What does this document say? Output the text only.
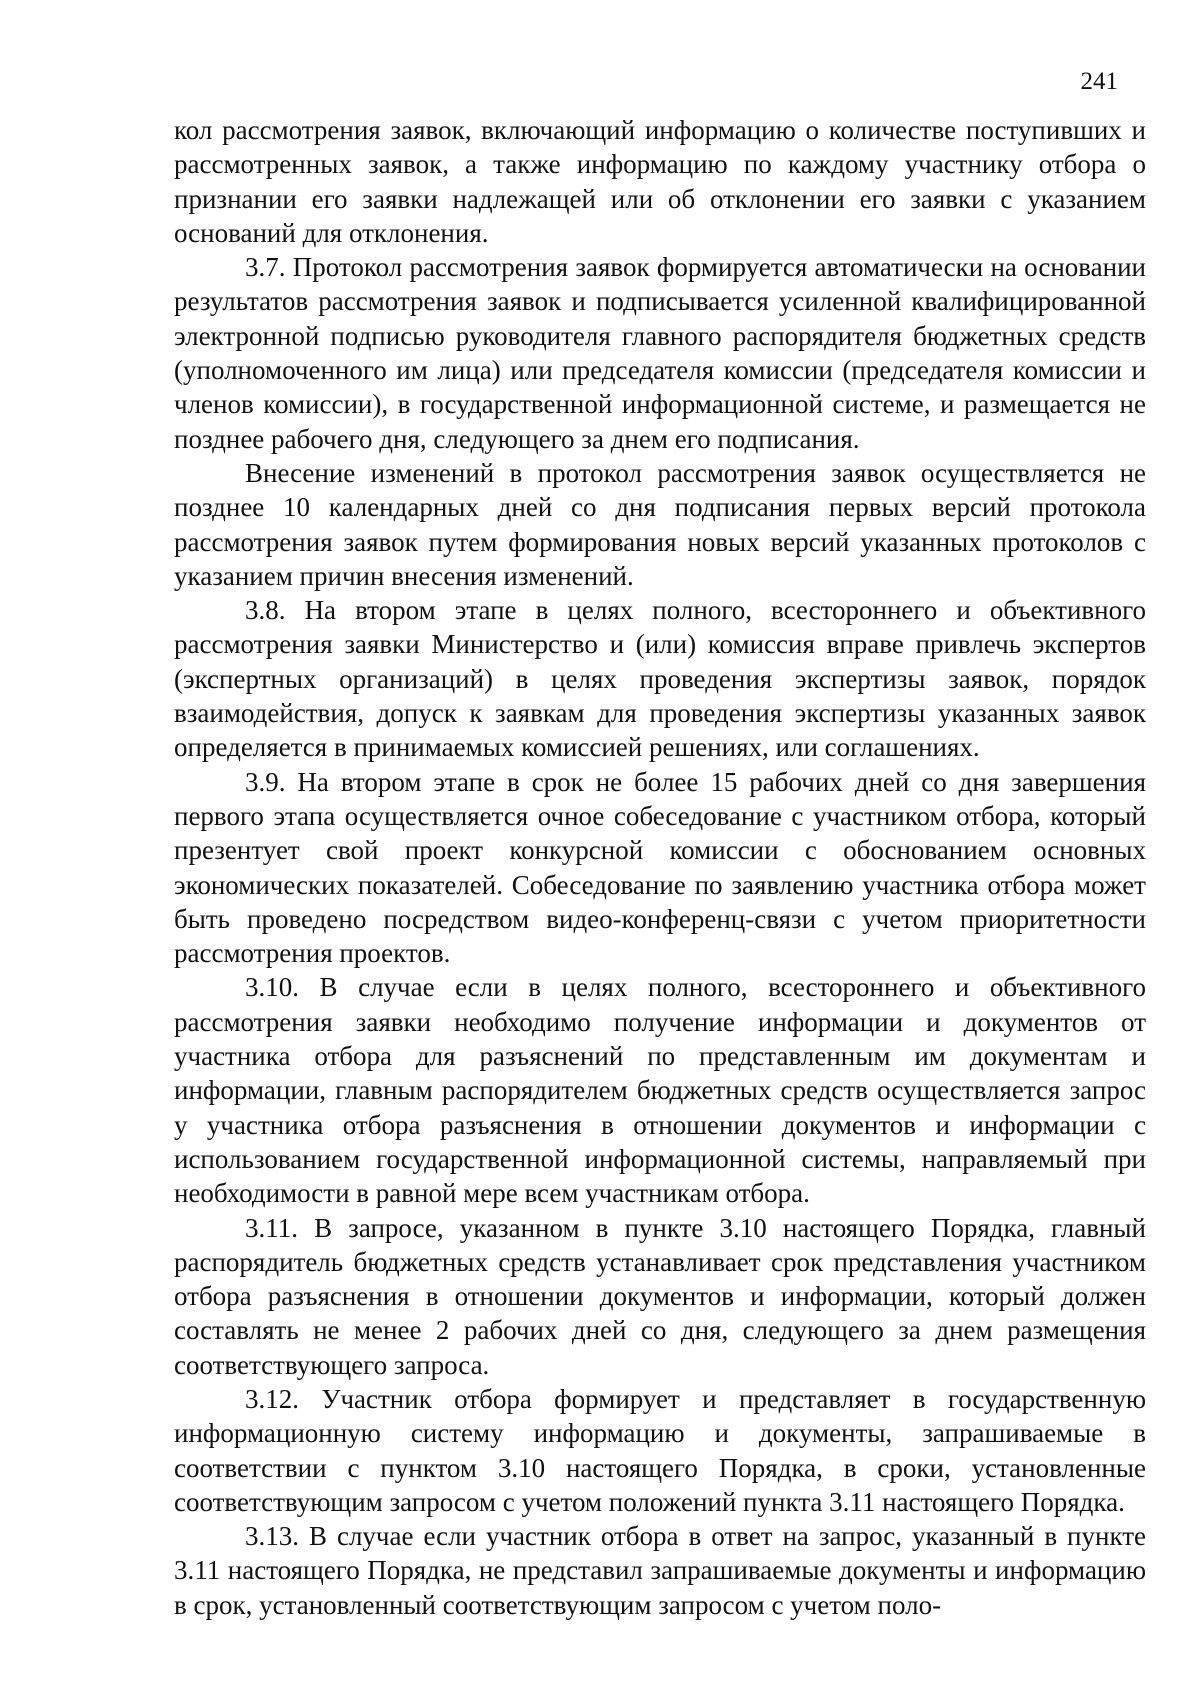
241

кол рассмотрения заявок, включающий информацию о количестве поступивших и рассмотренных заявок, а также информацию по каждому участнику отбора о признании его заявки надлежащей или об отклонении его заявки с указанием оснований для отклонения.

3.7. Протокол рассмотрения заявок формируется автоматически на основании результатов рассмотрения заявок и подписывается усиленной квалифицированной электронной подписью руководителя главного распорядителя бюджетных средств (уполномоченного им лица) или председателя комиссии (председателя комиссии и членов комиссии), в государственной информационной системе, и размещается не позднее рабочего дня, следующего за днем его подписания.

Внесение изменений в протокол рассмотрения заявок осуществляется не позднее 10 календарных дней со дня подписания первых версий протокола рассмотрения заявок путем формирования новых версий указанных протоколов с указанием причин внесения изменений.

3.8. На втором этапе в целях полного, всестороннего и объективного рассмотрения заявки Министерство и (или) комиссия вправе привлечь экспертов (экспертных организаций) в целях проведения экспертизы заявок, порядок взаимодействия, допуск к заявкам для проведения экспертизы указанных заявок определяется в принимаемых комиссией решениях, или соглашениях.

3.9. На втором этапе в срок не более 15 рабочих дней со дня завершения первого этапа осуществляется очное собеседование с участником отбора, который презентует свой проект конкурсной комиссии с обоснованием основных экономических показателей. Собеседование по заявлению участника отбора может быть проведено посредством видео-конференц-связи с учетом приоритетности рассмотрения проектов.

3.10. В случае если в целях полного, всестороннего и объективного рассмотрения заявки необходимо получение информации и документов от участника отбора для разъяснений по представленным им документам и информации, главным распорядителем бюджетных средств осуществляется запрос у участника отбора разъяснения в отношении документов и информации с использованием государственной информационной системы, направляемый при необходимости в равной мере всем участникам отбора.

3.11. В запросе, указанном в пункте 3.10 настоящего Порядка, главный распорядитель бюджетных средств устанавливает срок представления участником отбора разъяснения в отношении документов и информации, который должен составлять не менее 2 рабочих дней со дня, следующего за днем размещения соответствующего запроса.

3.12. Участник отбора формирует и представляет в государственную информационную систему информацию и документы, запрашиваемые в соответствии с пунктом 3.10 настоящего Порядка, в сроки, установленные соответствующим запросом с учетом положений пункта 3.11 настоящего Порядка.

3.13. В случае если участник отбора в ответ на запрос, указанный в пункте 3.11 настоящего Порядка, не представил запрашиваемые документы и информацию в срок, установленный соответствующим запросом с учетом поло-
